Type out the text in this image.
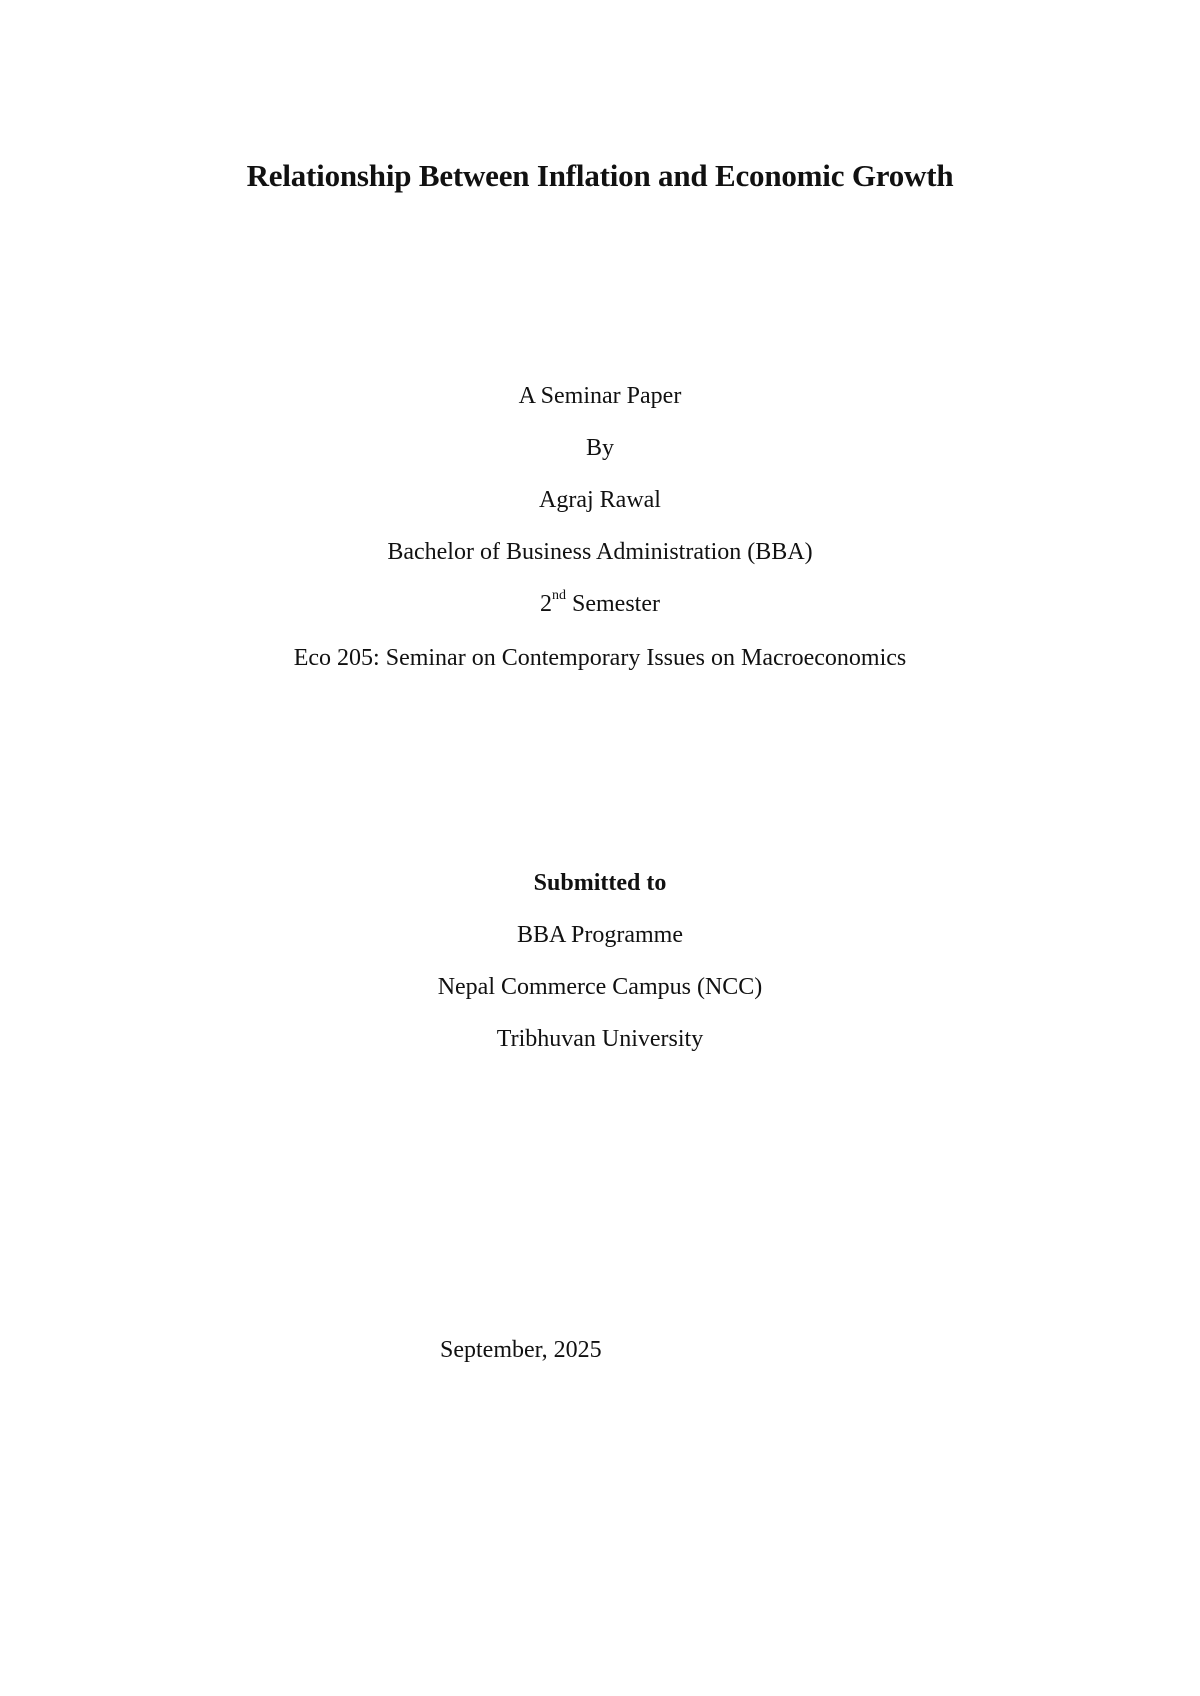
Relationship Between Inflation and Economic Growth
A Seminar Paper
By
Agraj Rawal
Bachelor of Business Administration (BBA)
2nd Semester
Eco 205: Seminar on Contemporary Issues on Macroeconomics
Submitted to
BBA Programme
Nepal Commerce Campus (NCC)
Tribhuvan University
September, 2025
